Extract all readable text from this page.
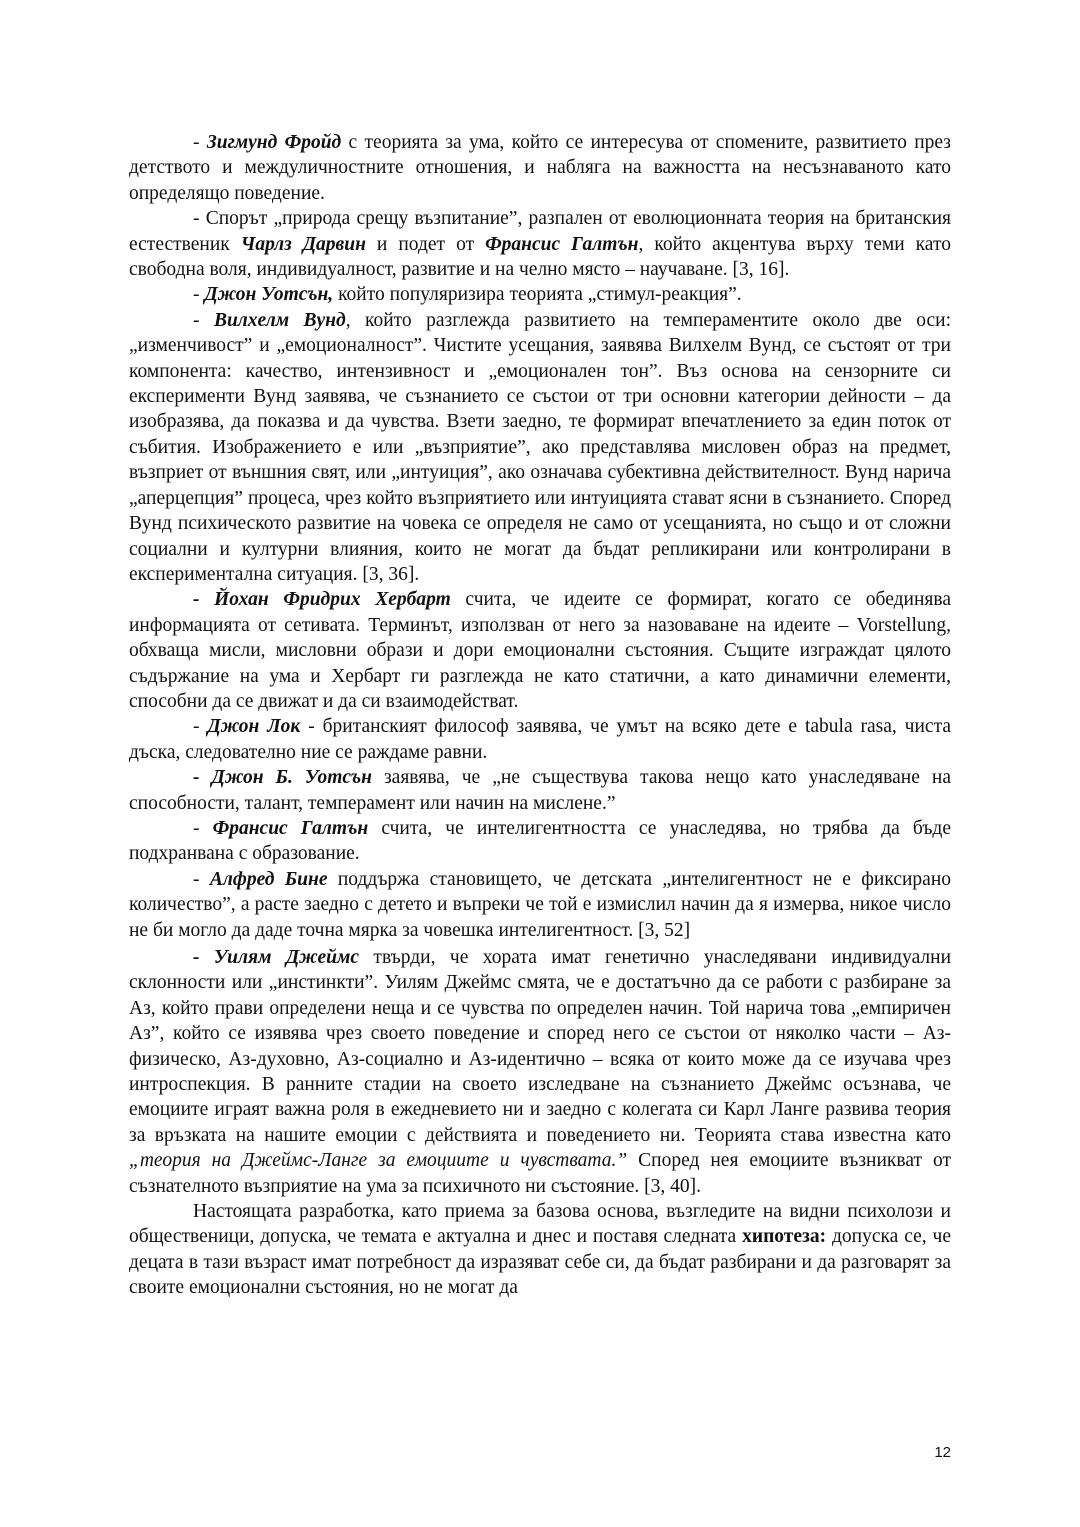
- Зигмунд Фройд с теорията за ума, който се интересува от спомените, развитието през детството и междуличностните отношения, и набляга на важността на несъзнаваното като определящо поведение.

- Спорът „природа срещу възпитание”, разпален от еволюционната теория на британския естественик Чарлз Дарвин и подет от Франсис Галтън, който акцентува върху теми като свободна воля, индивидуалност, развитие и на челно място – научаване. [3, 16].

- Джон Уотсън, който популяризира теорията „стимул-реакция”.

- Вилхелм Вунд, който разглежда развитието на темпераментите около две оси: „изменчивост” и „емоционалност”. Чистите усещания, заявява Вилхелм Вунд, се състоят от три компонента: качество, интензивност и „емоционален тон”. Въз основа на сензорните си експерименти Вунд заявява, че съзнанието се състои от три основни категории дейности – да изобразява, да показва и да чувства. Взети заедно, те формират впечатлението за един поток от събития. Изображението е или „възприятие”, ако представлява мисловен образ на предмет, възприет от външния свят, или „интуиция”, ако означава субективна действителност. Вунд нарича „аперцепция” процеса, чрез който възприятието или интуицията стават ясни в съзнанието. Според Вунд психическото развитие на човека се определя не само от усещанията, но също и от сложни социални и културни влияния, които не могат да бъдат репликирани или контролирани в експериментална ситуация. [3, 36].

- Йохан Фридрих Хербарт счита, че идеите се формират, когато се обединява информацията от сетивата. Терминът, използван от него за назоваване на идеите – Vorstellung, обхваща мисли, мисловни образи и дори емоционални състояния. Същите изграждат цялото съдържание на ума и Хербарт ги разглежда не като статични, а като динамични елементи, способни да се движат и да си взаимодействат.

- Джон Лок - британският философ заявява, че умът на всяко дете е tabula rasa, чиста дъска, следователно ние се раждаме равни.

- Джон Б. Уотсън заявява, че „не съществува такова нещо като унаследяване на способности, талант, темперамент или начин на мислене.”

- Франсис Галтън счита, че интелигентността се унаследява, но трябва да бъде подхранвана с образование.

- Алфред Бине поддържа становището, че детската „интелигентност не е фиксирано количество”, а расте заедно с детето и въпреки че той е измислил начин да я измерва, никое число не би могло да даде точна мярка за човешка интелигентност. [3, 52]

- Уилям Джеймс твърди, че хората имат генетично унаследявани индивидуални склонности или „инстинкти”. Уилям Джеймс смята, че е достатъчно да се работи с разбиране за Аз, който прави определени неща и се чувства по определен начин. Той нарича това „емпиричен Аз”, който се изявява чрез своето поведение и според него се състои от няколко части – Аз-физическо, Аз-духовно, Аз-социално и Аз-идентично – всяка от които може да се изучава чрез интроспекция. В ранните стадии на своето изследване на съзнанието Джеймс осъзнава, че емоциите играят важна роля в ежедневието ни и заедно с колегата си Карл Ланге развива теория за връзката на нашите емоции с действията и поведението ни. Теорията става известна като „теория на Джеймс-Ланге за емоциите и чувствата.” Според нея емоциите възникват от съзнателното възприятие на ума за психичното ни състояние. [3, 40].

Настоящата разработка, като приема за базова основа, възгледите на видни психолози и общественици, допуска, че темата е актуална и днес и поставя следната хипотеза: допуска се, че децата в тази възраст имат потребност да изразяват себе си, да бъдат разбирани и да разговарят за своите емоционални състояния, но не могат да

12
